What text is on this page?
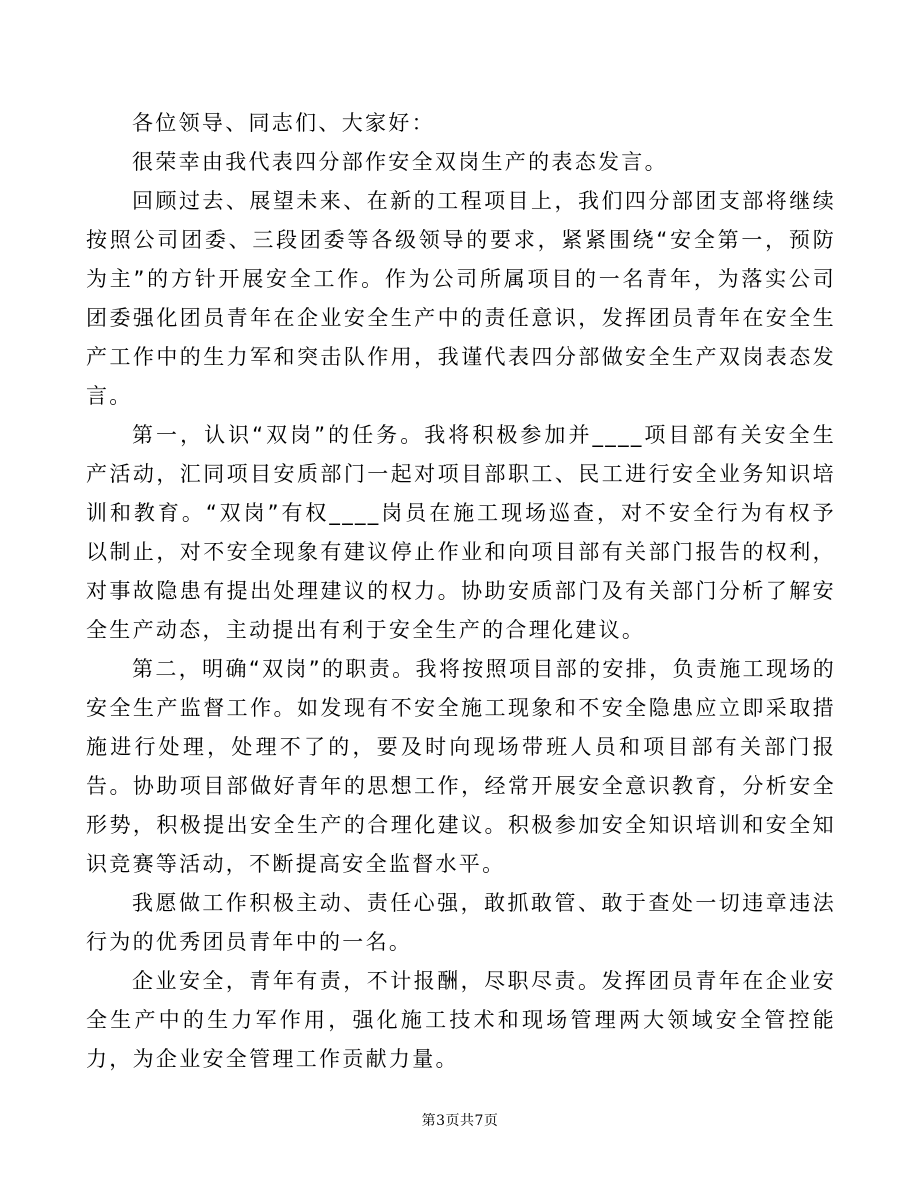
各位领导、同志们、大家好：

很荣幸由我代表四分部作安全双岗生产的表态发言。

回顾过去、展望未来、在新的工程项目上，我们四分部团支部将继续按照公司团委、三段团委等各级领导的要求，紧紧围绕“安全第一，预防为主”的方针开展安全工作。作为公司所属项目的一名青年，为落实公司团委强化团员青年在企业安全生产中的责任意识，发挥团员青年在安全生产工作中的生力军和突击队作用，我谨代表四分部做安全生产双岗表态发言。

第一，认识“双岗”的任务。我将积极参加并____项目部有关安全生产活动，汇同项目安质部门一起对项目部职工、民工进行安全业务知识培训和教育。“双岗”有权____岗员在施工现场巡查，对不安全行为有权予以制止，对不安全现象有建议停止作业和向项目部有关部门报告的权利，对事故隐患有提出处理建议的权力。协助安质部门及有关部门分析了解安全生产动态，主动提出有利于安全生产的合理化建议。

第二，明确“双岗”的职责。我将按照项目部的安排，负责施工现场的安全生产监督工作。如发现有不安全施工现象和不安全隐患应立即采取措施进行处理，处理不了的，要及时向现场带班人员和项目部有关部门报告。协助项目部做好青年的思想工作，经常开展安全意识教育，分析安全形势，积极提出安全生产的合理化建议。积极参加安全知识培训和安全知识竞赛等活动，不断提高安全监督水平。

我愿做工作积极主动、责任心强，敢抓敢管、敢于查处一切违章违法行为的优秀团员青年中的一名。

企业安全，青年有责，不计报酬，尽职尽责。发挥团员青年在企业安全生产中的生力军作用，强化施工技术和现场管理两大领域安全管控能力，为企业安全管理工作贡献力量。

第3页共7页
